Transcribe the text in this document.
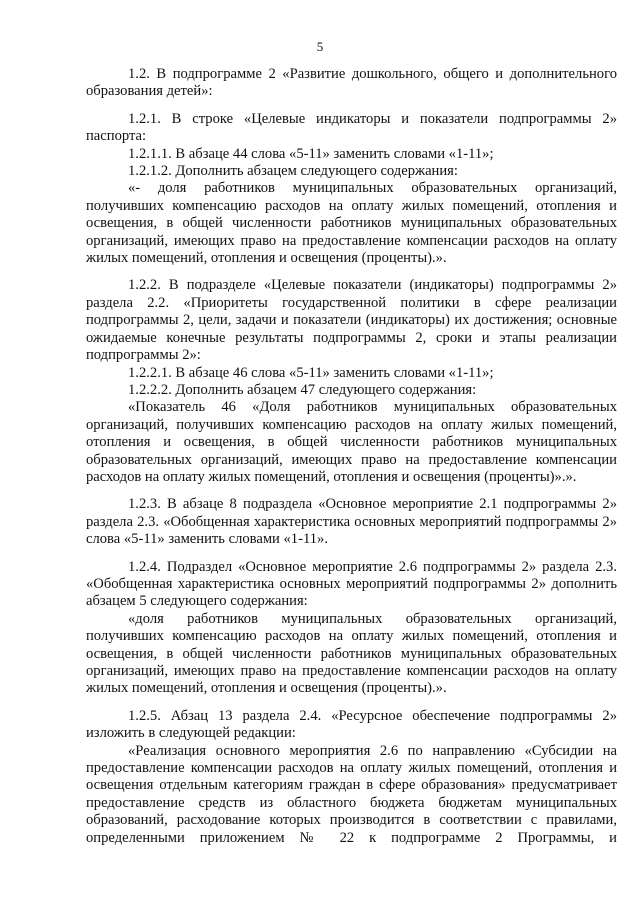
5

1.2. В подпрограмме 2 «Развитие дошкольного, общего и дополнительного образования детей»:

1.2.1. В строке «Целевые индикаторы и показатели подпрограммы 2» паспорта:

1.2.1.1. В абзаце 44 слова «5-11» заменить словами «1-11»;

1.2.1.2. Дополнить абзацем следующего содержания:

«- доля работников муниципальных образовательных организаций, получивших компенсацию расходов на оплату жилых помещений, отопления и освещения, в общей численности работников муниципальных образовательных организаций, имеющих право на предоставление компенсации расходов на оплату жилых помещений, отопления и освещения (проценты).».

1.2.2. В подразделе «Целевые показатели (индикаторы) подпрограммы 2» раздела 2.2. «Приоритеты государственной политики в сфере реализации подпрограммы 2, цели, задачи и показатели (индикаторы) их достижения; основные ожидаемые конечные результаты подпрограммы 2, сроки и этапы реализации подпрограммы 2»:

1.2.2.1. В абзаце 46 слова «5-11» заменить словами «1-11»;

1.2.2.2. Дополнить абзацем 47 следующего содержания:

«Показатель 46 «Доля работников муниципальных образовательных организаций, получивших компенсацию расходов на оплату жилых помещений, отопления и освещения, в общей численности работников муниципальных образовательных организаций, имеющих право на предоставление компенсации расходов на оплату жилых помещений, отопления и освещения (проценты)».».

1.2.3. В абзаце 8 подраздела «Основное мероприятие 2.1 подпрограммы 2» раздела 2.3. «Обобщенная характеристика основных мероприятий подпрограммы 2» слова «5-11» заменить словами «1-11».

1.2.4. Подраздел «Основное мероприятие 2.6 подпрограммы 2» раздела 2.3. «Обобщенная характеристика основных мероприятий подпрограммы 2» дополнить абзацем 5 следующего содержания:

«доля работников муниципальных образовательных организаций, получивших компенсацию расходов на оплату жилых помещений, отопления и освещения, в общей численности работников муниципальных образовательных организаций, имеющих право на предоставление компенсации расходов на оплату жилых помещений, отопления и освещения (проценты).».

1.2.5. Абзац 13 раздела 2.4. «Ресурсное обеспечение подпрограммы 2» изложить в следующей редакции:

«Реализация основного мероприятия 2.6 по направлению «Субсидии на предоставление компенсации расходов на оплату жилых помещений, отопления и освещения отдельным категориям граждан в сфере образования» предусматривает предоставление средств из областного бюджета бюджетам муниципальных образований, расходование которых производится в соответствии с правилами, определенными приложением № 22 к подпрограмме 2 Программы, и
